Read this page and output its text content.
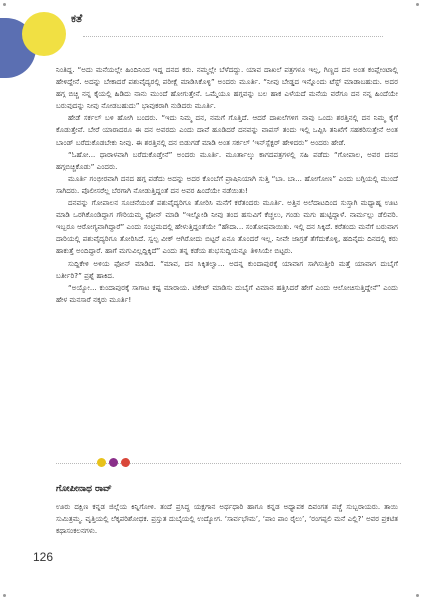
ಕತೆ

ನಿಂತಿದ್ದ. “ಅದು ಮನೆಯಲ್ಲೇ ಹಿಂದಿನಿಂದ ಇದ್ದ ದನದ ಕರು. ನಮ್ಮಲ್ಲೇ ಬೆಳೆದದ್ದು. ಯಾವ ದಾಖಲೆ ಪತ್ರಗಳೂ ಇಲ್ಲ, ಗಿಣ್ಣದ ದನ ಅಂತ ಕಂಪ್ಲೇಂಟಾಲ್ಲಿ ಹೇಳಿದ್ದೇನೆ. ಅದನ್ನು ಬೇಕಾದರೆ ಪಶುವೈದ್ಯರಲ್ಲಿ ಪರೀಕ್ಷೆ ಮಾಡಿಸಿಕೊಳ್ಳಿ” ಅಂದರು ಮೂರ್ತಿ. “ನೀವು ಬೇಡ್ಡದ ಇನ್ನೊಂದು ಟೆಸ್ಟ್ ಮಾಡಾಬಹುದು. ಅದರ ಹಗ್ಗ ಬಿಚ್ಚಿ ನನ್ನ ಕೈಯಲ್ಲಿ ಹಿಡಿದು ನಾನು ಮುಂದೆ ಹೋಗುತ್ತೇನೆ. ಒಮ್ಮೆಯೂ ಹಗ್ಗವನ್ನು ಬಲ ಹಾಕ ಎಳೆಯದೆ ಮನೆಯ ವರೆಗೂ ದನ ನನ್ನ ಹಿಂದೆಯೇ ಬರುವುದನ್ನು ನೀವು ನೋಡಬಹುದು” ಭಾವುಕರಾಗಿ ನುಡಿದರು ಮೂರ್ತಿ.

ಹೇಡೆ ಸರ್ಕಲ್ ಬಳಿ ಹೋಗಿ ಬಂದರು. “ಇದು ನಿಮ್ಮ ದನ, ನಮಗೆ ಗೊತ್ತಿದೆ. ಆದರೆ ದಾಖಲೆಗಳಿಗ ನಾವು ಒಂದು ಶರತ್ತಿನಲ್ಲಿ ದನ ನಿಮ್ಮ ಕೈಗೆ ಕೊಡುತ್ತೇವೆ. ಬೇರೆ ಯಾರಾದರೂ ಈ ದನ ಅವರದು ಎಂದು ದಾವೆ ಹೂಡಿದರೆ ದನವನ್ನು ವಾಪಸ್ ತಂದು ಇಲ್ಲಿ ಒಪ್ಪಿಸಿ ತನಿಖೆಗೆ ಸಹಕರಿಸುತ್ತೇನೆ ಅಂತ ಬಾಂಡ್ ಬರೆದುಕೊಡಬೇಕು ನೀವು. ಈ ಶರತ್ತಿನಲ್ಲಿ ದನ ಬಿಡುಗಡೆ ಮಾಡಿ ಅಂತ ಸರ್ಕಲ್ ‘ಇನ್‌ಸ್ಪೆಕ್ಟರ್ ಹೇಳಿದರು” ಅಂದರು ಹೇಡೆ.

“ಓಹೋ... ಧಾರಾಳವಾಗಿ ಬರೆದುಕೊಡ್ತೇನೆ” ಅಂದರು ಮೂರ್ತಿ. ಮೂರ್ತಾಲ್ಕು ಕಾಗದಪತ್ರಗಳಲ್ಲಿ ಸಹಿ ಪಡೆದು “ಗೋಪಾಲ, ಅವರ ದನದ ಹಗ್ಗಬಿಚ್ಚಿಕೊಡು” ಎಂದರು.

ಮೂರ್ತಿ ಗಂಭೀರವಾಗಿ ದನದ ಹಗ್ಗ ಪಡೆದು ಅದನ್ನು ಅದರ ಕೊಂಬೆಗೆ ಪ್ರಾಷಿನಿಯಾಗಿ ಸುತ್ತಿ “ಬಾ. ಬಾ... ಹೋಗೋಣ” ಎಂದು ಬಗ್ಗಿಯಲ್ಲಿ ಮುಂದೆ ಸಾಗಿದರು. ಪೊಲೀಸರೆಲ್ಲ ಬೆರಗಾಗಿ ನೋಡುತ್ತಿದ್ದಂತೆ ದನ ಅವರ ಹಿಂದೆಯೇ ನಡೆಯಿತು!

ದನವನ್ನು ಗೋಪಾಲನ ಸೂಚನೆಯಂತೆ ಪಶುವೈದ್ಯರಿಗೂ ತೋರಿಸಿ ಮನೆಗೆ ಕರೆತಂದರು ಮೂರ್ತಿ. ಅತ್ತಿನ ಅಲೆದಾಟದಿಂದ ಸುಸ್ತಾಗಿ ಮಧ್ಯಾಹ್ನ ಊಟ ಮಾಡಿ ಒರಗಿಕೊಂಡಿದ್ದಾಗ ಗೌರಿಯಮ್ಮ ಫೋನ್ ಮಾಡಿ “ಇಲ್ನೋಡಿ ನೀವು ತಂದ ಹಸುವಿಗೆ ಕೆಚ್ಚಲು, ಗಂಡು ಮಗು ಹುಟ್ಟಿದ್ದಾಳೆ. ನಾರ್ಮಲ್ಲು ಡೆಲಿವರಿ. ಇಬ್ಬರೂ ಆರೋಗ್ಯವಾಗಿದ್ದಾರೆ” ಎಂದು ಸಂಭ್ರಮದಲ್ಲಿ ಹೇಳುತ್ತಿದ್ದಂತೆಯೇ “ಹೌದಾ... ಸಂತೋಷವಾಯಿತು. ಇಲ್ಲಿ ದನ ಸಿಕ್ಕಿದೆ. ಕರೆತಂದು ಮನೆಗೆ ಬರುವಾಗ ದಾರಿಯಲ್ಲಿ ಪಶುವೈದ್ಯರಿಗೂ ತೋರಿಸಿದೆ. ಸ್ವಲ್ಪ ವೀಕ್ ಆಗಿರೋದು ಬಿಟ್ಟರೆ ಏನೂ ತೊಂದರೆ ಇಲ್ಲ. ನೀವೇ ಜಾಗ್ರತೆ ತೆಗೆದುಕೊಳ್ಳಿ, ಹದಿನೈದು ದಿನದಲ್ಲಿ ಕರು ಹಾಕುತ್ತೆ ಅಂದಿದ್ದಾರೆ. ಹಾಗೆ ಮಗುವಿಲ್ಲದ್ದಿಕ್ಕಿದೆ” ಎಂದು ತನ್ನ ಕಡೆಯ ಶುಭಸುದ್ದಿಯನ್ನೂ ತಿಳಿಸಿಯೇ ಬಿಟ್ಟರು.

ಸುದ್ದಿಕೇಳಿ ಅಳಿಯ ಫೋನ್ ಮಾಡಿದ. “ಮಾವ, ದನ ಸಿಕ್ಕಿತಲ್ವಾ... ಅದನ್ನ ಕುಂದಾಪುರಕ್ಕೆ ಯಾವಾಗ ಸಾಗಿಸುತ್ತೀರಿ ಮತ್ತೆ ಯಾವಾಗ ದುಬೈಗೆ ಬರ್ತೀರಿ?” ಪ್ರಶ್ನೆ ಹಾಕಿದ.

“ಅಯ್ಯೋ... ಕುಂದಾಪುರಕ್ಕೆ ಸಾಗಾಟ ಕಷ್ಟ ಮಾರಾಯ. ಟಿಕೇಟ್ ಮಾಡಿಸು ದುಬೈಗೆ ವಿಮಾನ ಹತ್ತಿಸಿದರೆ ಹೇಗೆ ಎಂದು ಆಲೋಚಿಸುತ್ತಿದ್ದೇನೆ” ಎಂದು ಹೇಳ ಮನಸಾರೆ ನಕ್ಕರು ಮೂರ್ತಿ!

ಗೋಪೀನಾಥ ರಾವ್
ಊರು ದಕ್ಷಿಣ ಕನ್ನಡ ಜಿಲ್ಲೆಯ ಕಿನ್ನಿಗೋಳಿ. ತಂದೆ ಪ್ರಸಿದ್ಧ ಯಕ್ಷಗಾನ ಅರ್ಥಧಾರಿ ಹಾಗೂ ಕನ್ನಡ ಅಧ್ಯಾಪಕ ದಿವಂಗತ ಪಚ್ಚೆ ಸುಬ್ಬರಾಯರು. ತಾಯಿ ಸುಮಿತ್ರಮ್ಮ. ವೃತ್ತಿಯಲ್ಲಿ ಲೆಕ್ಕಪರಿಶೋಧಕ. ಪ್ರಸ್ತುತ ದುಬೈಯಲ್ಲಿ ಉದ್ಯೋಗ. ‘ಸಾರ್ವಭೌಮ’, ‘ಪಾಂ ಪಾಂ ರೈಲು’, ‘ರಂಗಪ್ಪಲಿ ಮನೆ ಎಲ್ಲಿ?’ ಅವರ ಪ್ರಕಟಿತ ಕಥಾಸಂಕಲನಗಳು.
126
